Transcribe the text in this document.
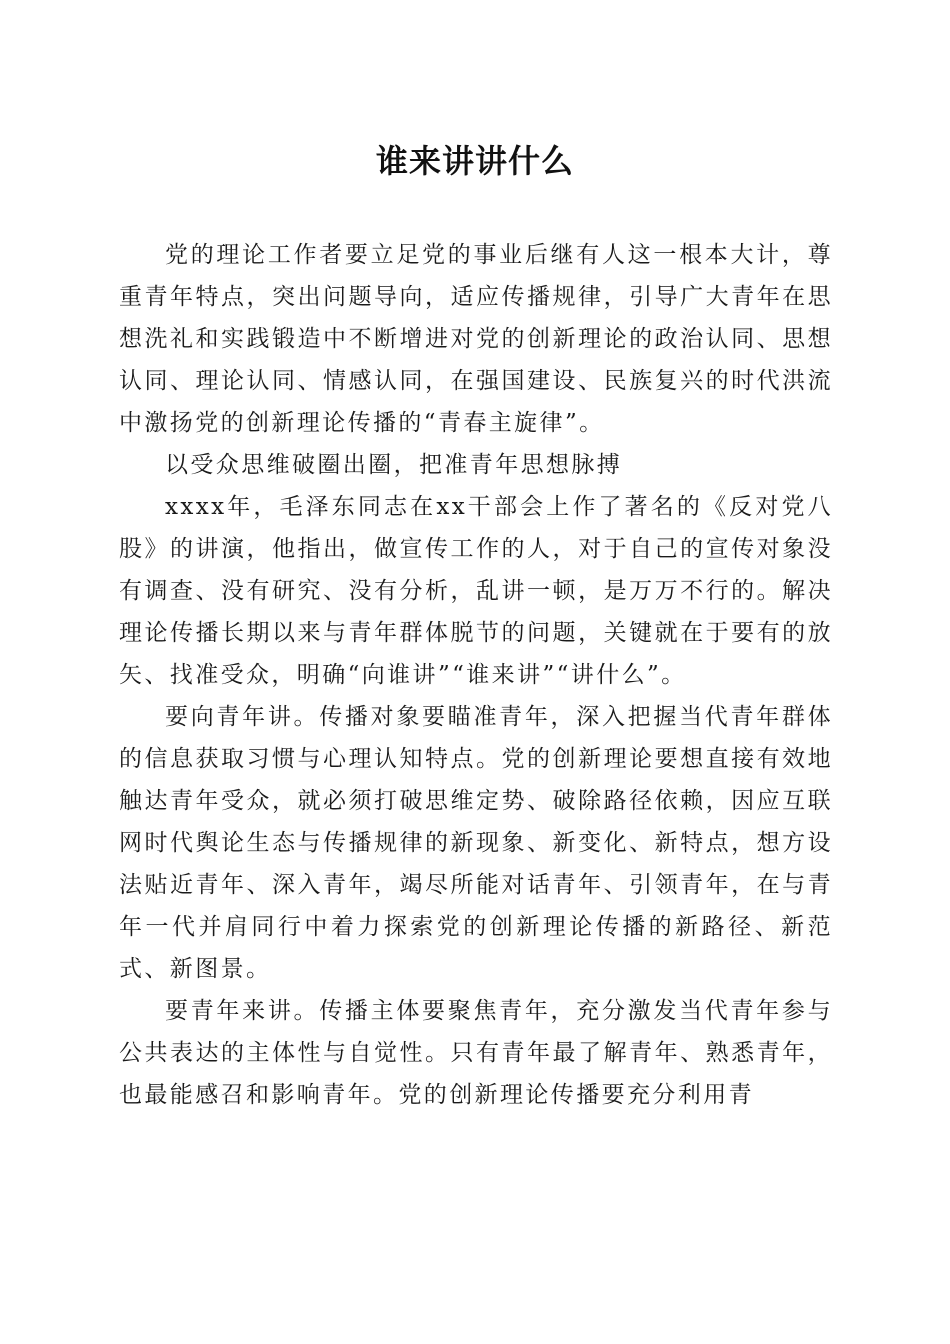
谁来讲讲什么

党的理论工作者要立足党的事业后继有人这一根本大计，尊重青年特点，突出问题导向，适应传播规律，引导广大青年在思想洗礼和实践锻造中不断增进对党的创新理论的政治认同、思想认同、理论认同、情感认同，在强国建设、民族复兴的时代洪流中激扬党的创新理论传播的“青春主旋律”。

以受众思维破圈出圈，把准青年思想脉搏

xxxx年，毛泽东同志在xx干部会上作了著名的《反对党八股》的讲演，他指出，做宣传工作的人，对于自己的宣传对象没有调查、没有研究、没有分析，乱讲一顿，是万万不行的。解决理论传播长期以来与青年群体脱节的问题，关键就在于要有的放矢、找准受众，明确“向谁讲”“谁来讲”“讲什么”。

要向青年讲。传播对象要瞄准青年，深入把握当代青年群体的信息获取习惯与心理认知特点。党的创新理论要想直接有效地触达青年受众，就必须打破思维定势、破除路径依赖，因应互联网时代舆论生态与传播规律的新现象、新变化、新特点，想方设法贴近青年、深入青年，竭尽所能对话青年、引领青年，在与青年一代并肩同行中着力探索党的创新理论传播的新路径、新范式、新图景。

要青年来讲。传播主体要聚焦青年，充分激发当代青年参与公共表达的主体性与自觉性。只有青年最了解青年、熟悉青年，也最能感召和影响青年。党的创新理论传播要充分利用青
